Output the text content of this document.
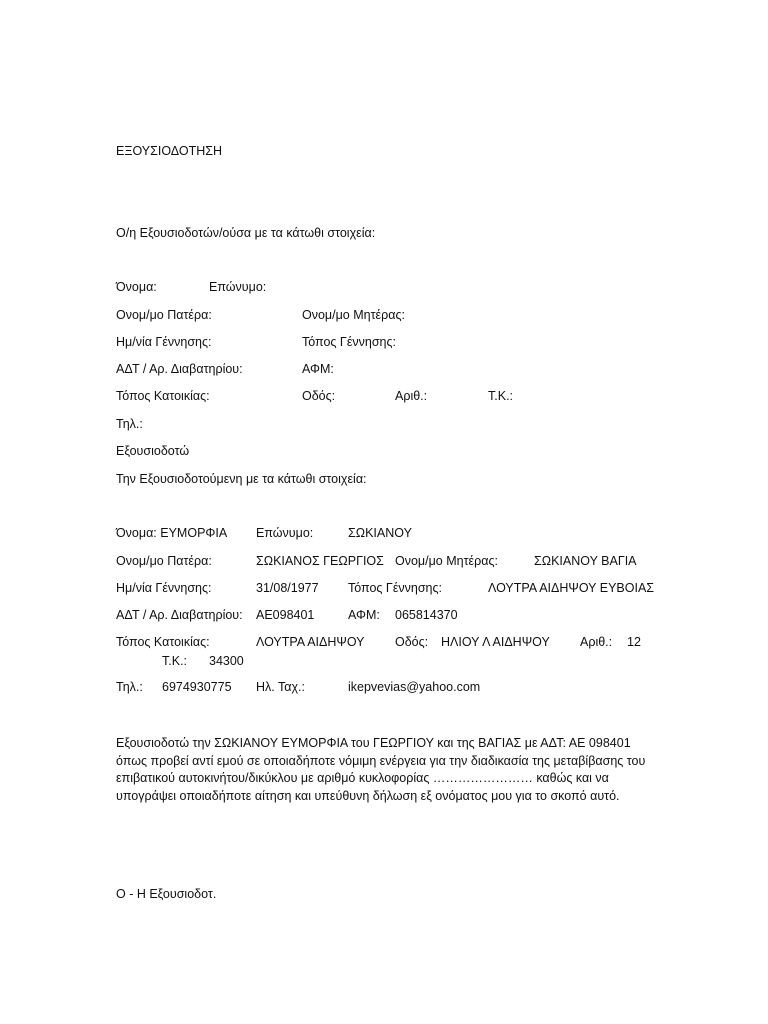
ΕΞΟΥΣΙΟΔΟΤΗΣΗ
Ο/η Εξουσιοδοτών/ούσα με τα κάτωθι στοιχεία:
Όνομα:	Επώνυμο:
Ονομ/μο Πατέρα:	Ονομ/μο Μητέρας:
Ημ/νία Γέννησης:	Τόπος Γέννησης:
ΑΔΤ / Αρ. Διαβατηρίου:	ΑΦΜ:
Τόπος Κατοικίας:	Οδός:	Αριθ.:	Τ.Κ.:
Τηλ.:
Εξουσιοδοτώ
Την Εξουσιοδοτούμενη με τα κάτωθι στοιχεία:
Όνομα: ΕΥΜΟΡΦΙΑ Επώνυμο:	ΣΩΚΙΑΝΟΥ
Ονομ/μο Πατέρα:	ΣΩΚΙΑΝΟΣ ΓΕΩΡΓΙΟΣ Ονομ/μο Μητέρας:	ΣΩΚΙΑΝΟΥ ΒΑΓΙΑ
Ημ/νία Γέννησης:	31/08/1977 Τόπος Γέννησης:	ΛΟΥΤΡΑ ΑΙΔΗΨΟΥ ΕΥΒΟΙΑΣ
ΑΔΤ / Αρ. Διαβατηρίου: ΑΕ098401	ΑΦΜ: 065814370
Τόπος Κατοικίας:	ΛΟΥΤΡΑ ΑΙΔΗΨΟΥ Οδός: ΗΛΙΟΥ Λ ΑΙΔΗΨΟΥ Αριθ.: 12
Τ.Κ.: 34300
Τηλ.: 6974930775 Ηλ. Ταχ.:	ikepvevias@yahoo.com
Εξουσιοδοτώ την ΣΩΚΙΑΝΟΥ ΕΥΜΟΡΦΙΑ του ΓΕΩΡΓΙΟΥ και της ΒΑΓΙΑΣ με ΑΔΤ: ΑΕ 098401 όπως προβεί αντί εμού σε οποιαδήποτε νόμιμη ενέργεια για την διαδικασία της μεταβίβασης του επιβατικού αυτοκινήτου/δικύκλου με αριθμό κυκλοφορίας …………………… καθώς και να υπογράψει οποιαδήποτε αίτηση και υπεύθυνη δήλωση εξ ονόματος μου για το σκοπό αυτό.
Ο - Η Εξουσιοδοτ.
